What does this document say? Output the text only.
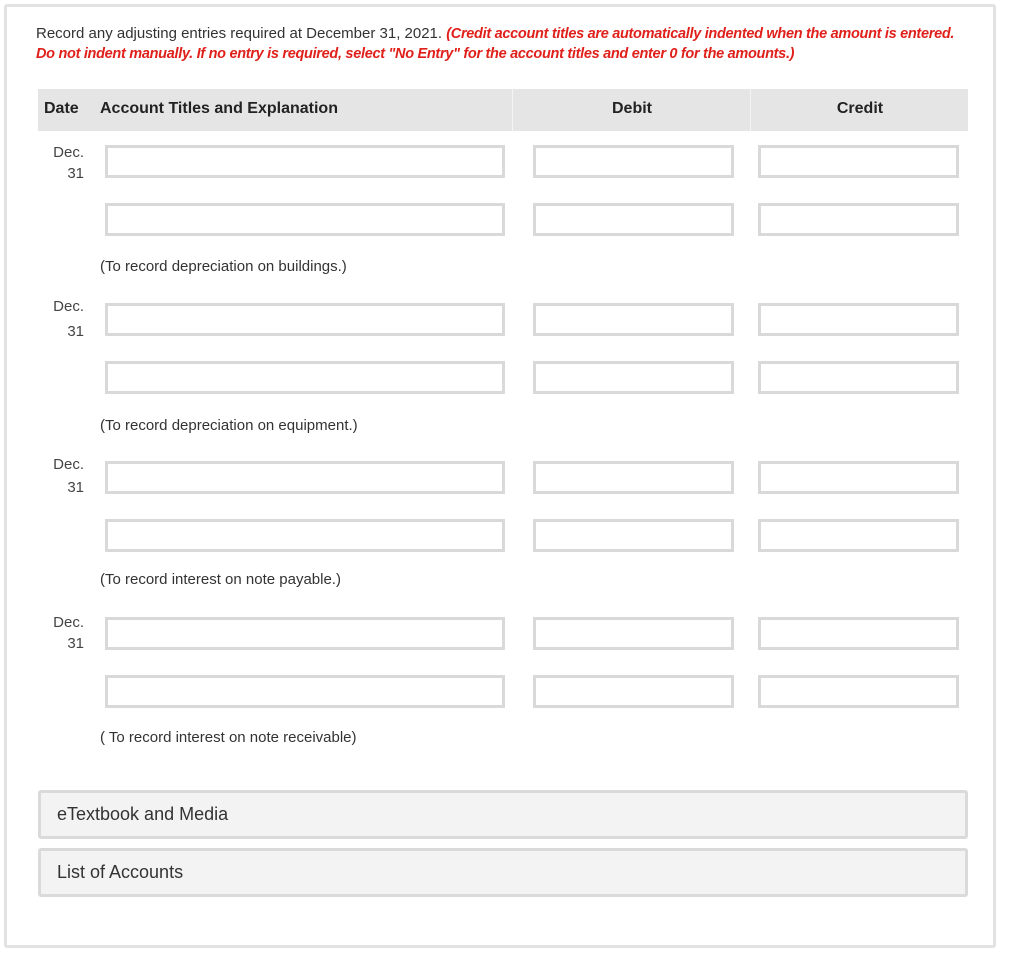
Record any adjusting entries required at December 31, 2021. (Credit account titles are automatically indented when the amount is entered. Do not indent manually. If no entry is required, select "No Entry" for the account titles and enter 0 for the amounts.)
Date Account Titles and Explanation	Debit	Credit
Dec.
31
(To record depreciation on buildings.)
Dec.
31
(To record depreciation on equipment.)
Dec.
31
(To record interest on note payable.)
Dec.
31
( To record interest on note receivable)
eTextbook and Media
List of Accounts
